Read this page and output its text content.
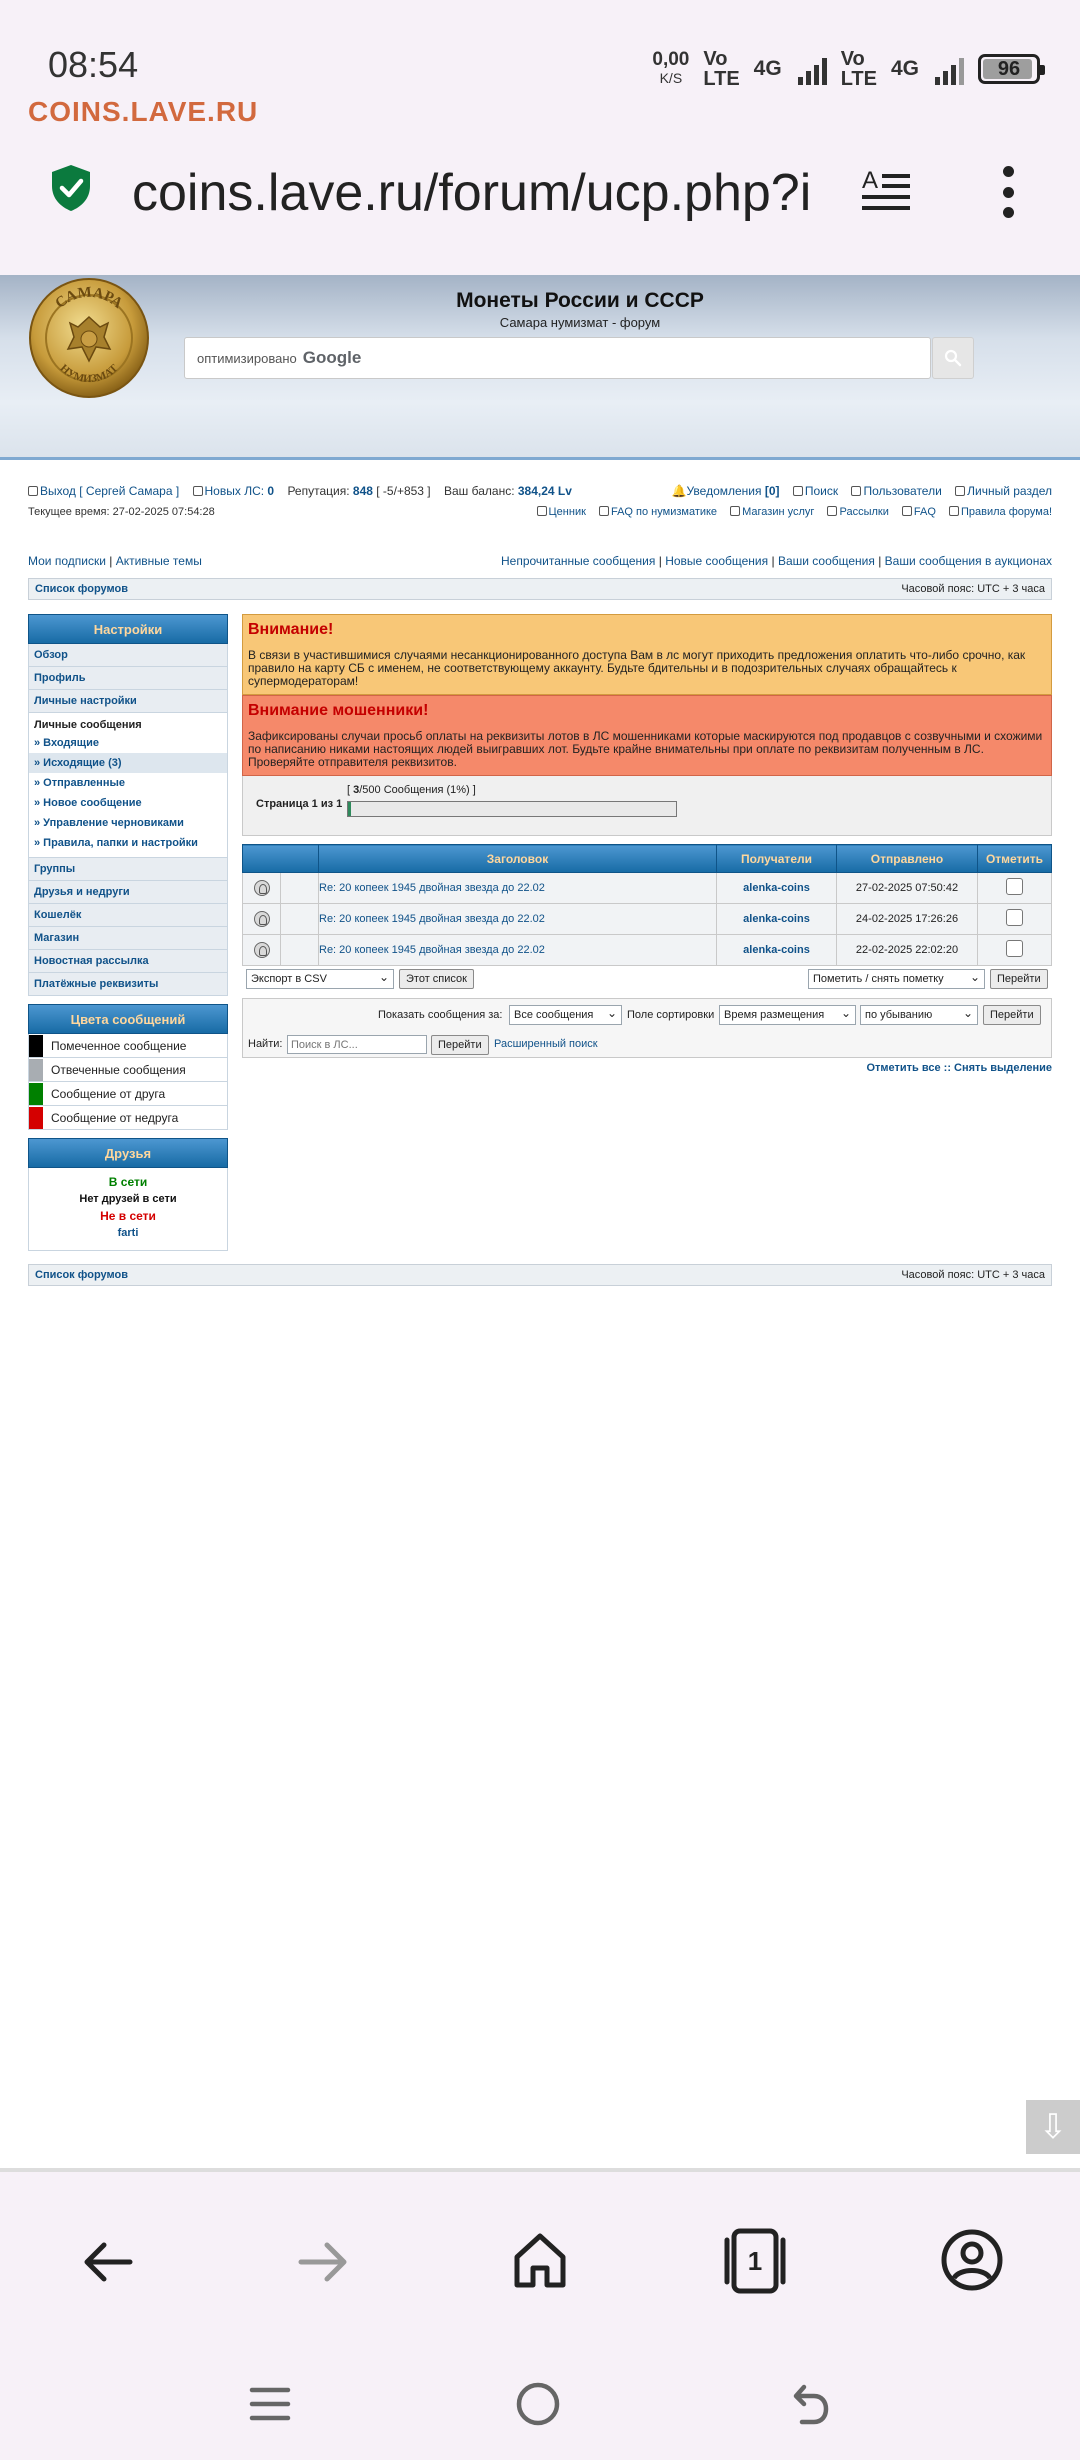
08:54	0,00
K/S
Vo
LTE 4G	Vo
LTE 4G	96
COINS.LAVE.RU
coins.lave.ru/forum/ucp.php?i	A
САМАРА
НУМИЗМАТ
Монеты России и СССР
Самара нумизмат - форум
оптимизировано Google
Выход [ Сергей Самара ] Новых ЛС: 0 Репутация: 848 [ -5/+853 ] Ваш баланс: 384,24 Lv	🔔Уведомления [0] Поиск Пользователи Личный раздел
Текущее время: 27-02-2025 07:54:28	Ценник FAQ по нумизматике Магазин услуг Рассылки FAQ Правила форума!
Мои подписки | Активные темы	Непрочитанные сообщения | Новые сообщения | Ваши сообщения | Ваши сообщения в аукционах
Список форумов	Часовой пояс: UTC + 3 часа
Настройки
Обзор
Профиль
Личные настройки
Личные сообщения
» Входящие
» Исходящие (3)
» Отправленные
» Новое сообщение
» Управление черновиками
» Правила, папки и настройки
Группы
Друзья и недруги
Кошелёк
Магазин
Новостная рассылка
Платёжные реквизиты
Цвета сообщений
Помеченное сообщение
Отвеченные сообщения
Сообщение от друга
Сообщение от недруга
Друзья
В сети
Нет друзей в сети
Не в сети
farti
Внимание!

В связи в участившимися случаями несанкционированного доступа Вам в лс могут приходить предложения оплатить что-либо срочно, как правило на карту СБ с именем, не соответствующему аккаунту. Будьте бдительны и в подозрительных случаях обращайтесь к супермодераторам!

Внимание мошенники!

Зафиксированы случаи просьб оплаты на реквизиты лотов в ЛС мошенниками которые маскируются под продавцов с созвучными и схожими по написанию никами настоящих людей выигравших лот. Будьте крайне внимательны при оплате по реквизитам полученным в ЛС. Проверяйте отправителя реквизитов.

Страница 1 из 1
[ 3/500 Сообщения (1%) ]
	Заголовок	Получатели	Отправлено	Отметить

	Re: 20 копеек 1945 двойная звезда до 22.02	alenka-coins	27-02-2025 07:50:42	

	Re: 20 копеек 1945 двойная звезда до 22.02	alenka-coins	24-02-2025 17:26:26	

	Re: 20 копеек 1945 двойная звезда до 22.02	alenka-coins	22-02-2025 22:02:20	
Экспорт в CSV ⌄	Этот список	Пометить / снять пометку ⌄	Перейти
Показать сообщения за:	Все сообщения ⌄	Поле сортировки Время размещения ⌄	по убыванию ⌄	Перейти
Найти:
Поиск в ЛС...	Перейти	Расширенный поиск
Отметить все :: Снять выделение
Список форумов	Часовой пояс: UTC + 3 часа
⇩
1
